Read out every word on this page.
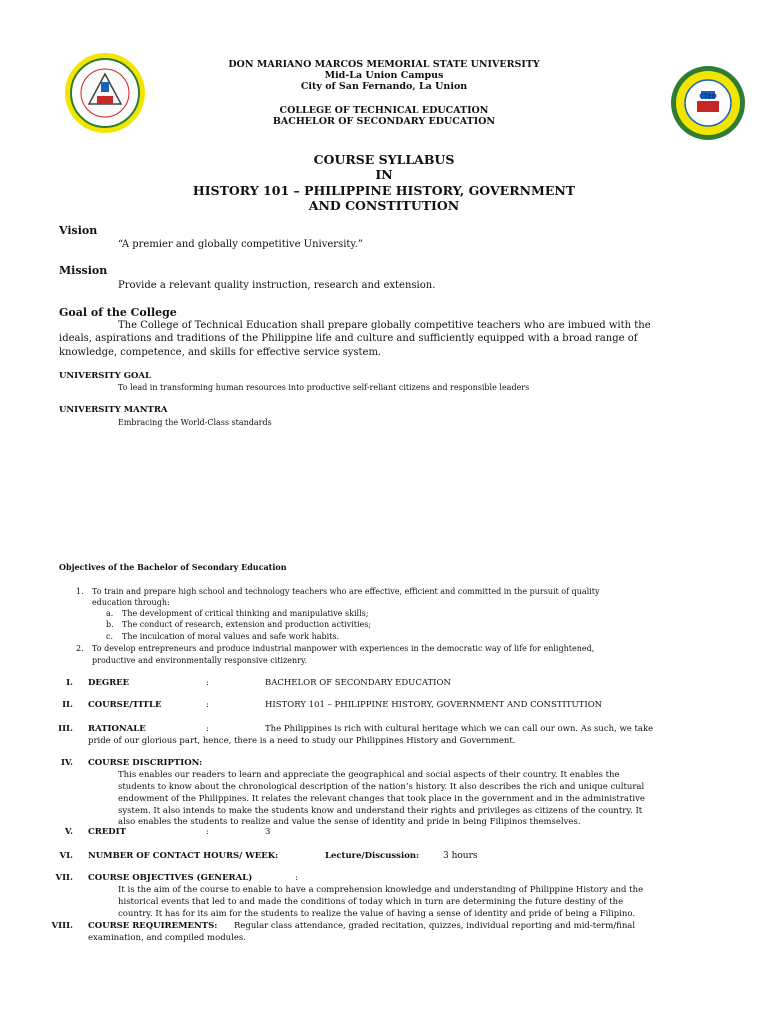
CTED
DON MARIANO MARCOS MEMORIAL STATE UNIVERSITY
Mid-La Union Campus
City of San Fernando, La Union
COLLEGE OF TECHNICAL EDUCATION
BACHELOR OF SECONDARY EDUCATION
COURSE SYLLABUS
IN
HISTORY 101 – PHILIPPINE HISTORY, GOVERNMENT
AND CONSTITUTION
Vision
“A premier and globally competitive University.”
Mission
Provide a relevant quality instruction, research and extension.
Goal of the College
The College of Technical Education shall prepare globally competitive teachers who are imbued with the
ideals, aspirations and traditions of the Philippine life and culture and sufficiently equipped with a broad range of
knowledge, competence, and skills for effective service system.
UNIVERSITY GOAL
To lead in transforming human resources into productive self-reliant citizens and responsible leaders
UNIVERSITY MANTRA
Embracing the World-Class standards
Objectives of the Bachelor of Secondary Education
1. To train and prepare high school and technology teachers who are effective, efficient and committed in the pursuit of quality
education through:
a. The development of critical thinking and manipulative skills;
b. The conduct of research, extension and production activities;
c. The inculcation of moral values and safe work habits.
2. To develop entrepreneurs and produce industrial manpower with experiences in the democratic way of life for enlightened,
productive and environmentally responsive citizenry.
I. DEGREE	:	BACHELOR OF SECONDARY EDUCATION
II. COURSE/TITLE	:	HISTORY 101 – PHILIPPINE HISTORY, GOVERNMENT AND CONSTITUTION
III. RATIONALE	:	The Philippines is rich with cultural heritage which we can call our own. As such, we take
pride of our glorious part, hence, there is a need to study our Philippines History and Government.
IV. COURSE DISCRIPTION:
This enables our readers to learn and appreciate the geographical and social aspects of their country. It enables the
students to know about the chronological description of the nation’s history. It also describes the rich and unique cultural
endowment of the Philippines. It relates the relevant changes that took place in the government and in the administrative
system. It also intends to make the students know and understand their rights and privileges as citizens of the country. It
also enables the students to realize and value the sense of identity and pride in being Filipinos themselves.
V. CREDIT	:	3
VI. NUMBER OF CONTACT HOURS/ WEEK:	Lecture/Discussion:	3 hours
VII. COURSE OBJECTIVES (GENERAL)	:
It is the aim of the course to enable to have a comprehension knowledge and understanding of Philippine History and the
historical events that led to and made the conditions of today which in turn are determining the future destiny of the
country. It has for its aim for the students to realize the value of having a sense of identity and pride of being a Filipino.
VIII. COURSE REQUIREMENTS: Regular class attendance, graded recitation, quizzes, individual reporting and mid-term/final
examination, and compiled modules.
